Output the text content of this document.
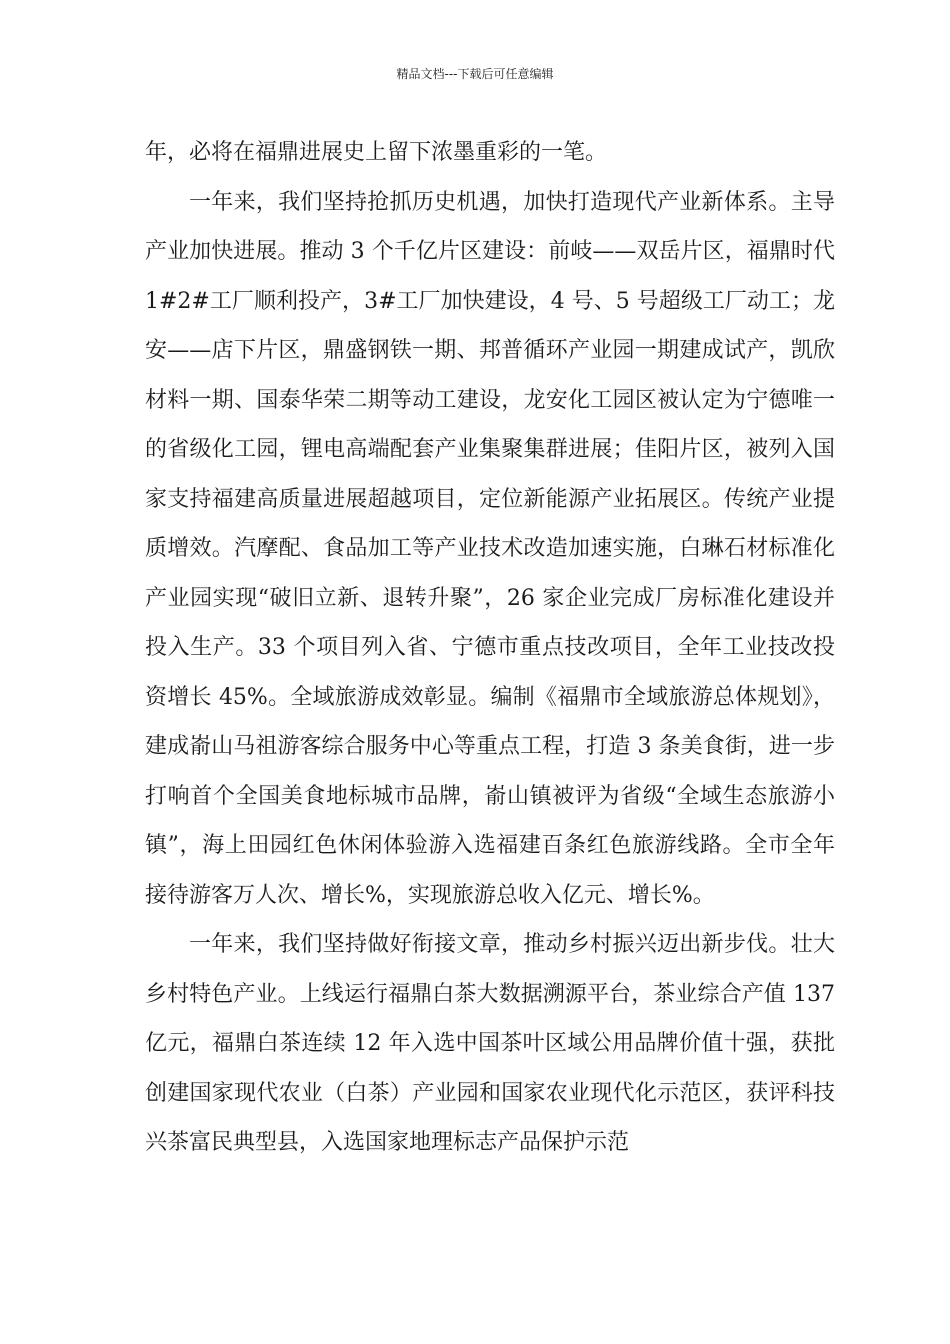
精品文档---下载后可任意编辑

年，必将在福鼎进展史上留下浓墨重彩的一笔。

一年来，我们坚持抢抓历史机遇，加快打造现代产业新体系。主导产业加快进展。推动 3 个千亿片区建设：前岐——双岳片区，福鼎时代 1#2#工厂顺利投产，3#工厂加快建设，4 号、5 号超级工厂动工；龙安——店下片区，鼎盛钢铁一期、邦普循环产业园一期建成试产，凯欣材料一期、国泰华荣二期等动工建设，龙安化工园区被认定为宁德唯一的省级化工园，锂电高端配套产业集聚集群进展；佳阳片区，被列入国家支持福建高质量进展超越项目，定位新能源产业拓展区。传统产业提质增效。汽摩配、食品加工等产业技术改造加速实施，白琳石材标准化产业园实现“破旧立新、退转升聚”，26 家企业完成厂房标准化建设并投入生产。33 个项目列入省、宁德市重点技改项目，全年工业技改投资增长 45%。全域旅游成效彰显。编制《福鼎市全域旅游总体规划》，建成嵛山马祖游客综合服务中心等重点工程，打造 3 条美食街，进一步打响首个全国美食地标城市品牌，嵛山镇被评为省级“全域生态旅游小镇”，海上田园红色休闲体验游入选福建百条红色旅游线路。全市全年接待游客万人次、增长%，实现旅游总收入亿元、增长%。

一年来，我们坚持做好衔接文章，推动乡村振兴迈出新步伐。壮大乡村特色产业。上线运行福鼎白茶大数据溯源平台，茶业综合产值 137 亿元，福鼎白茶连续 12 年入选中国茶叶区域公用品牌价值十强，获批创建国家现代农业（白茶）产业园和国家农业现代化示范区，获评科技兴茶富民典型县，入选国家地理标志产品保护示范
